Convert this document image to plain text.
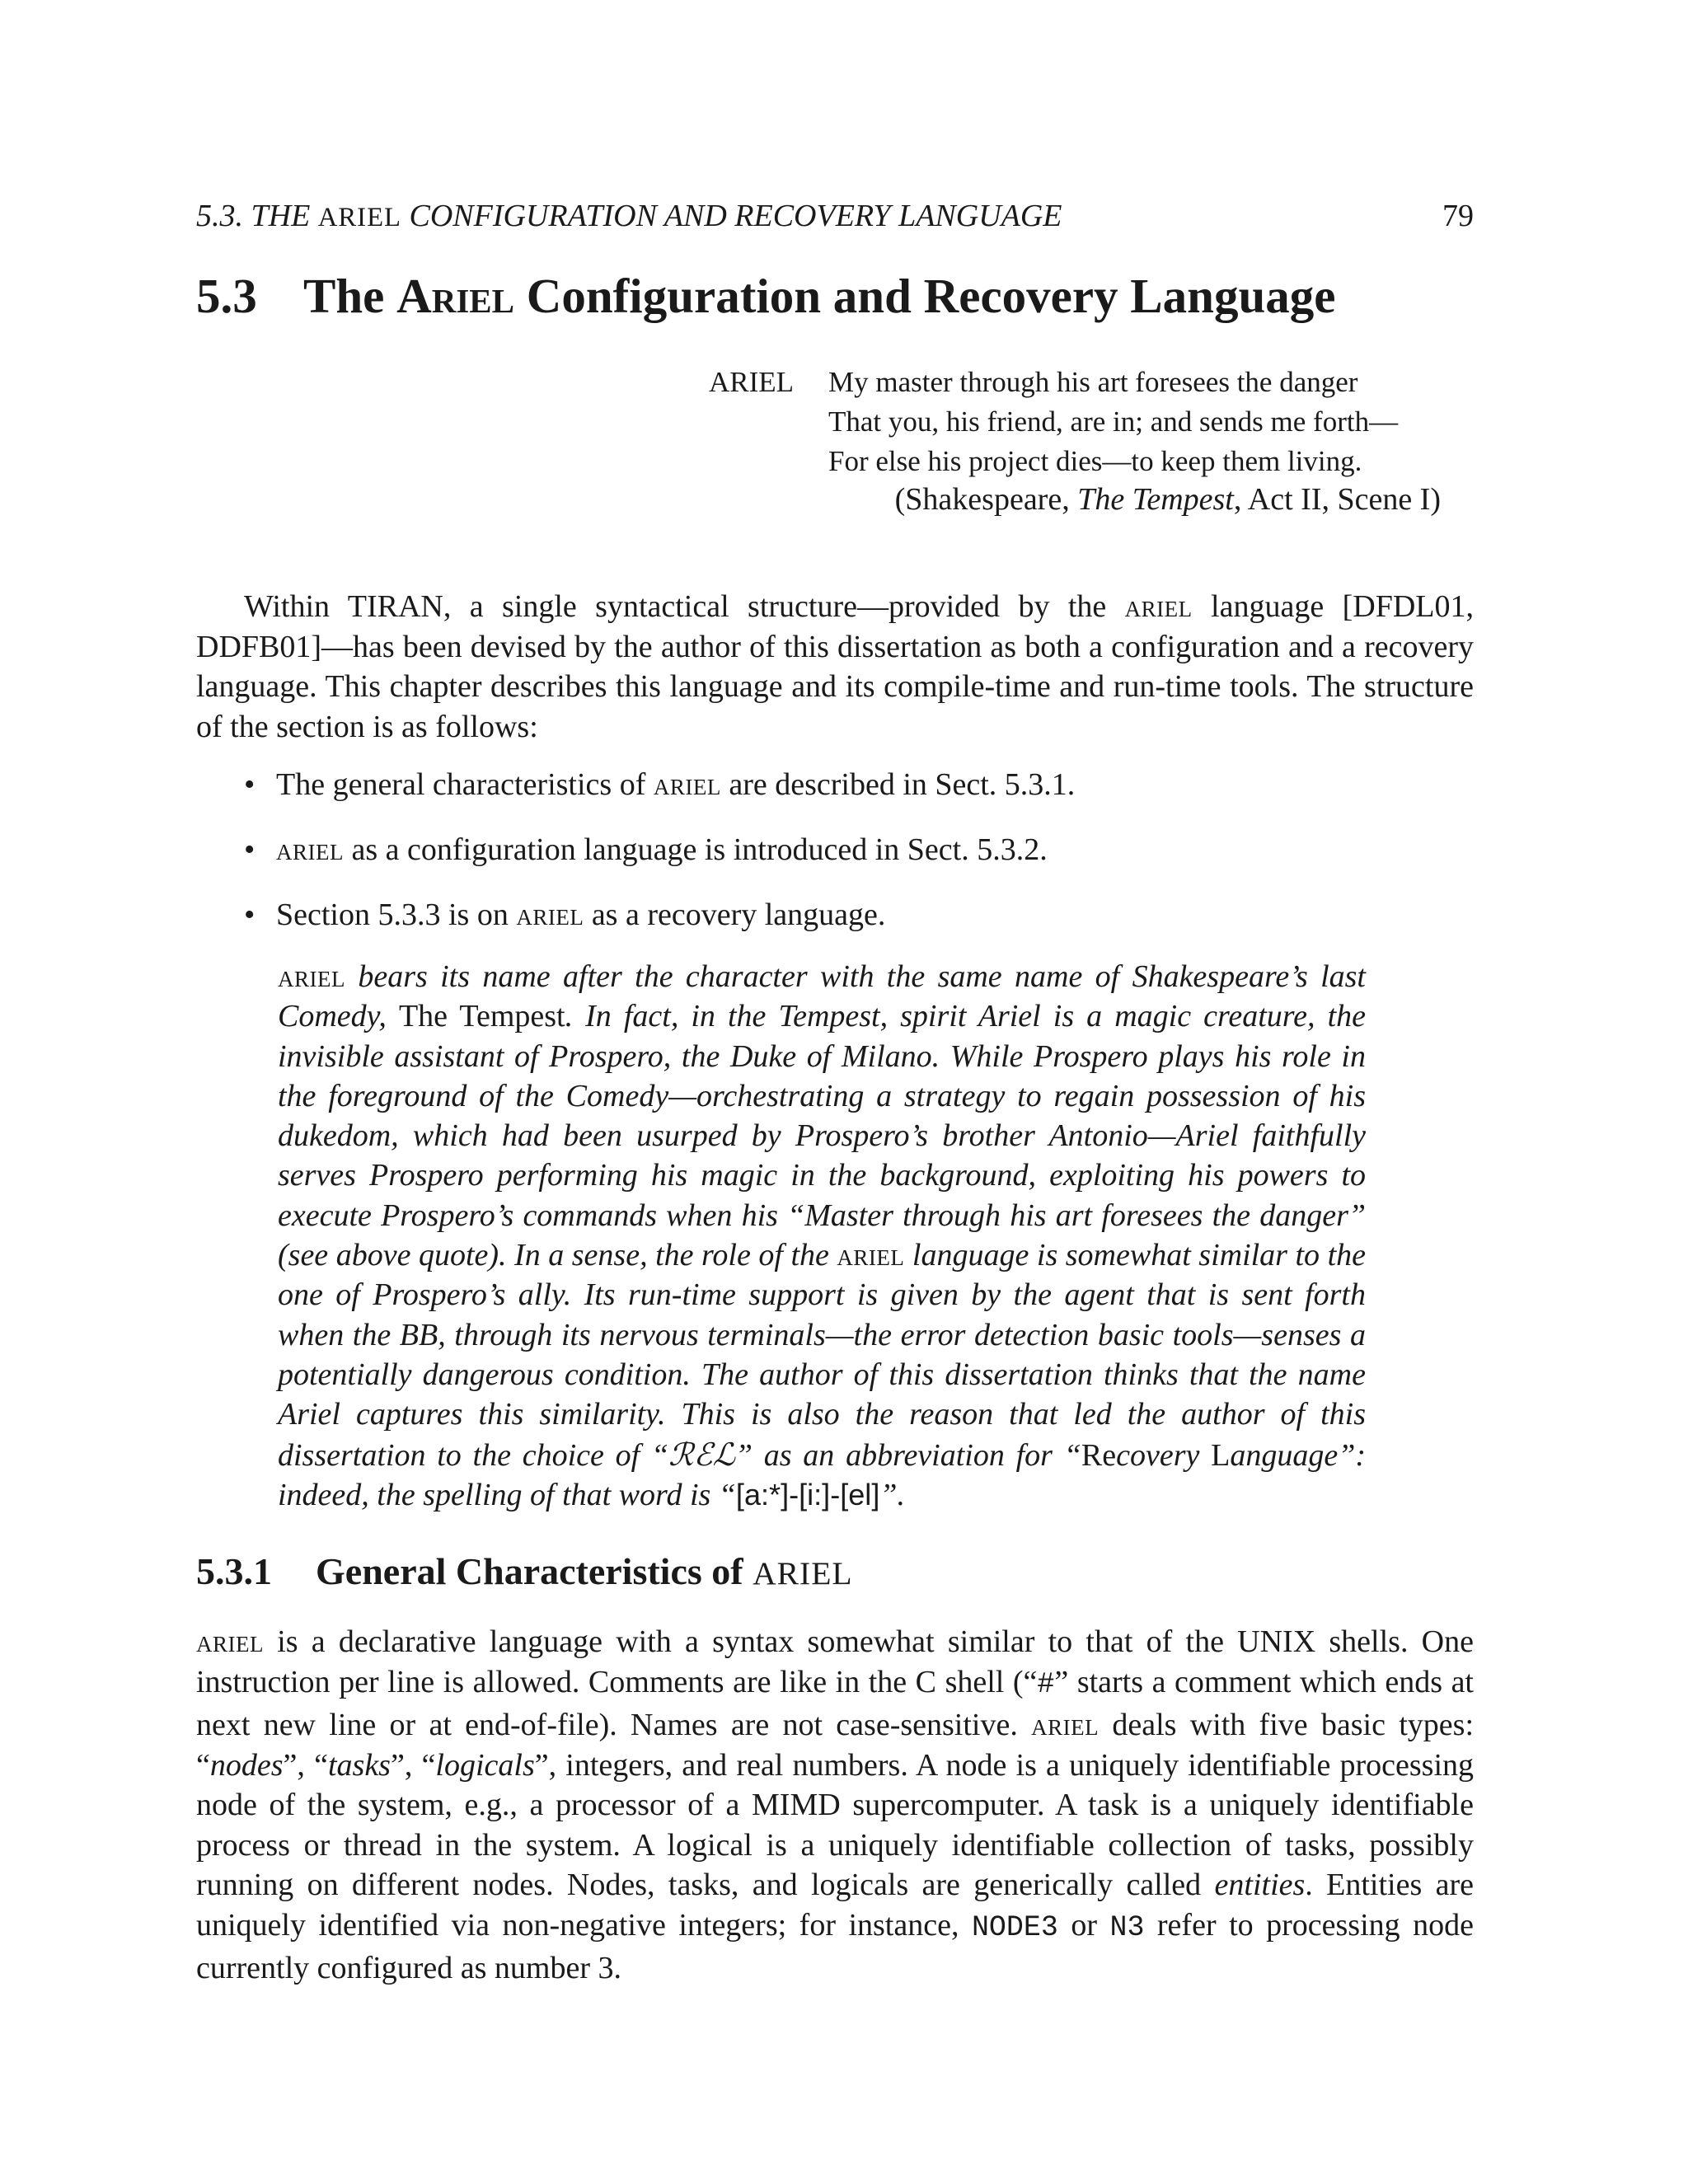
5.3. THE ARIEL CONFIGURATION AND RECOVERY LANGUAGE	79
5.3 The Ariel Configuration and Recovery Language
ARIEL My master through his art foresees the danger
That you, his friend, are in; and sends me forth—
For else his project dies—to keep them living.
(Shakespeare, The Tempest, Act II, Scene I)

Within TIRAN, a single syntactical structure—provided by the ariel language [DFDL01, DDFB01]—has been devised by the author of this dissertation as both a configuration and a recovery language. This chapter describes this language and its compile-time and run-time tools. The structure of the section is as follows:

• The general characteristics of ariel are described in Sect. 5.3.1.
• ariel as a configuration language is introduced in Sect. 5.3.2.
• Section 5.3.3 is on ariel as a recovery language.

ariel bears its name after the character with the same name of Shakespeare’s last Comedy, The Tempest. In fact, in the Tempest, spirit Ariel is a magic creature, the invisible assistant of Prospero, the Duke of Milano. While Prospero plays his role in the foreground of the Comedy—orchestrating a strategy to regain possession of his dukedom, which had been usurped by Prospero’s brother Antonio—Ariel faithfully serves Prospero performing his magic in the background, exploiting his powers to execute Prospero’s commands when his “Master through his art foresees the danger” (see above quote). In a sense, the role of the ariel language is somewhat similar to the one of Prospero’s ally. Its run-time support is given by the agent that is sent forth when the BB, through its nervous terminals—the error detection basic tools—senses a potentially dangerous condition. The author of this dissertation thinks that the name Ariel captures this similarity. This is also the reason that led the author of this dissertation to the choice of “ℛℰℒ” as an abbreviation for “Recovery Language”: indeed, the spelling of that word is “[a:*]-[i:]-[el]”.

5.3.1 General Characteristics of ARIEL

ariel is a declarative language with a syntax somewhat similar to that of the UNIX shells. One instruction per line is allowed. Comments are like in the C shell (“#” starts a comment which ends at next new line or at end-of-file). Names are not case-sensitive. ariel deals with five basic types: “nodes”, “tasks”, “logicals”, integers, and real numbers. A node is a uniquely identifiable processing node of the system, e.g., a processor of a MIMD supercomputer. A task is a uniquely identifiable process or thread in the system. A logical is a uniquely identifiable collection of tasks, possibly running on different nodes. Nodes, tasks, and logicals are generically called entities. Entities are uniquely identified via non-negative integers; for instance, NODE3 or N3 refer to processing node currently configured as number 3.
